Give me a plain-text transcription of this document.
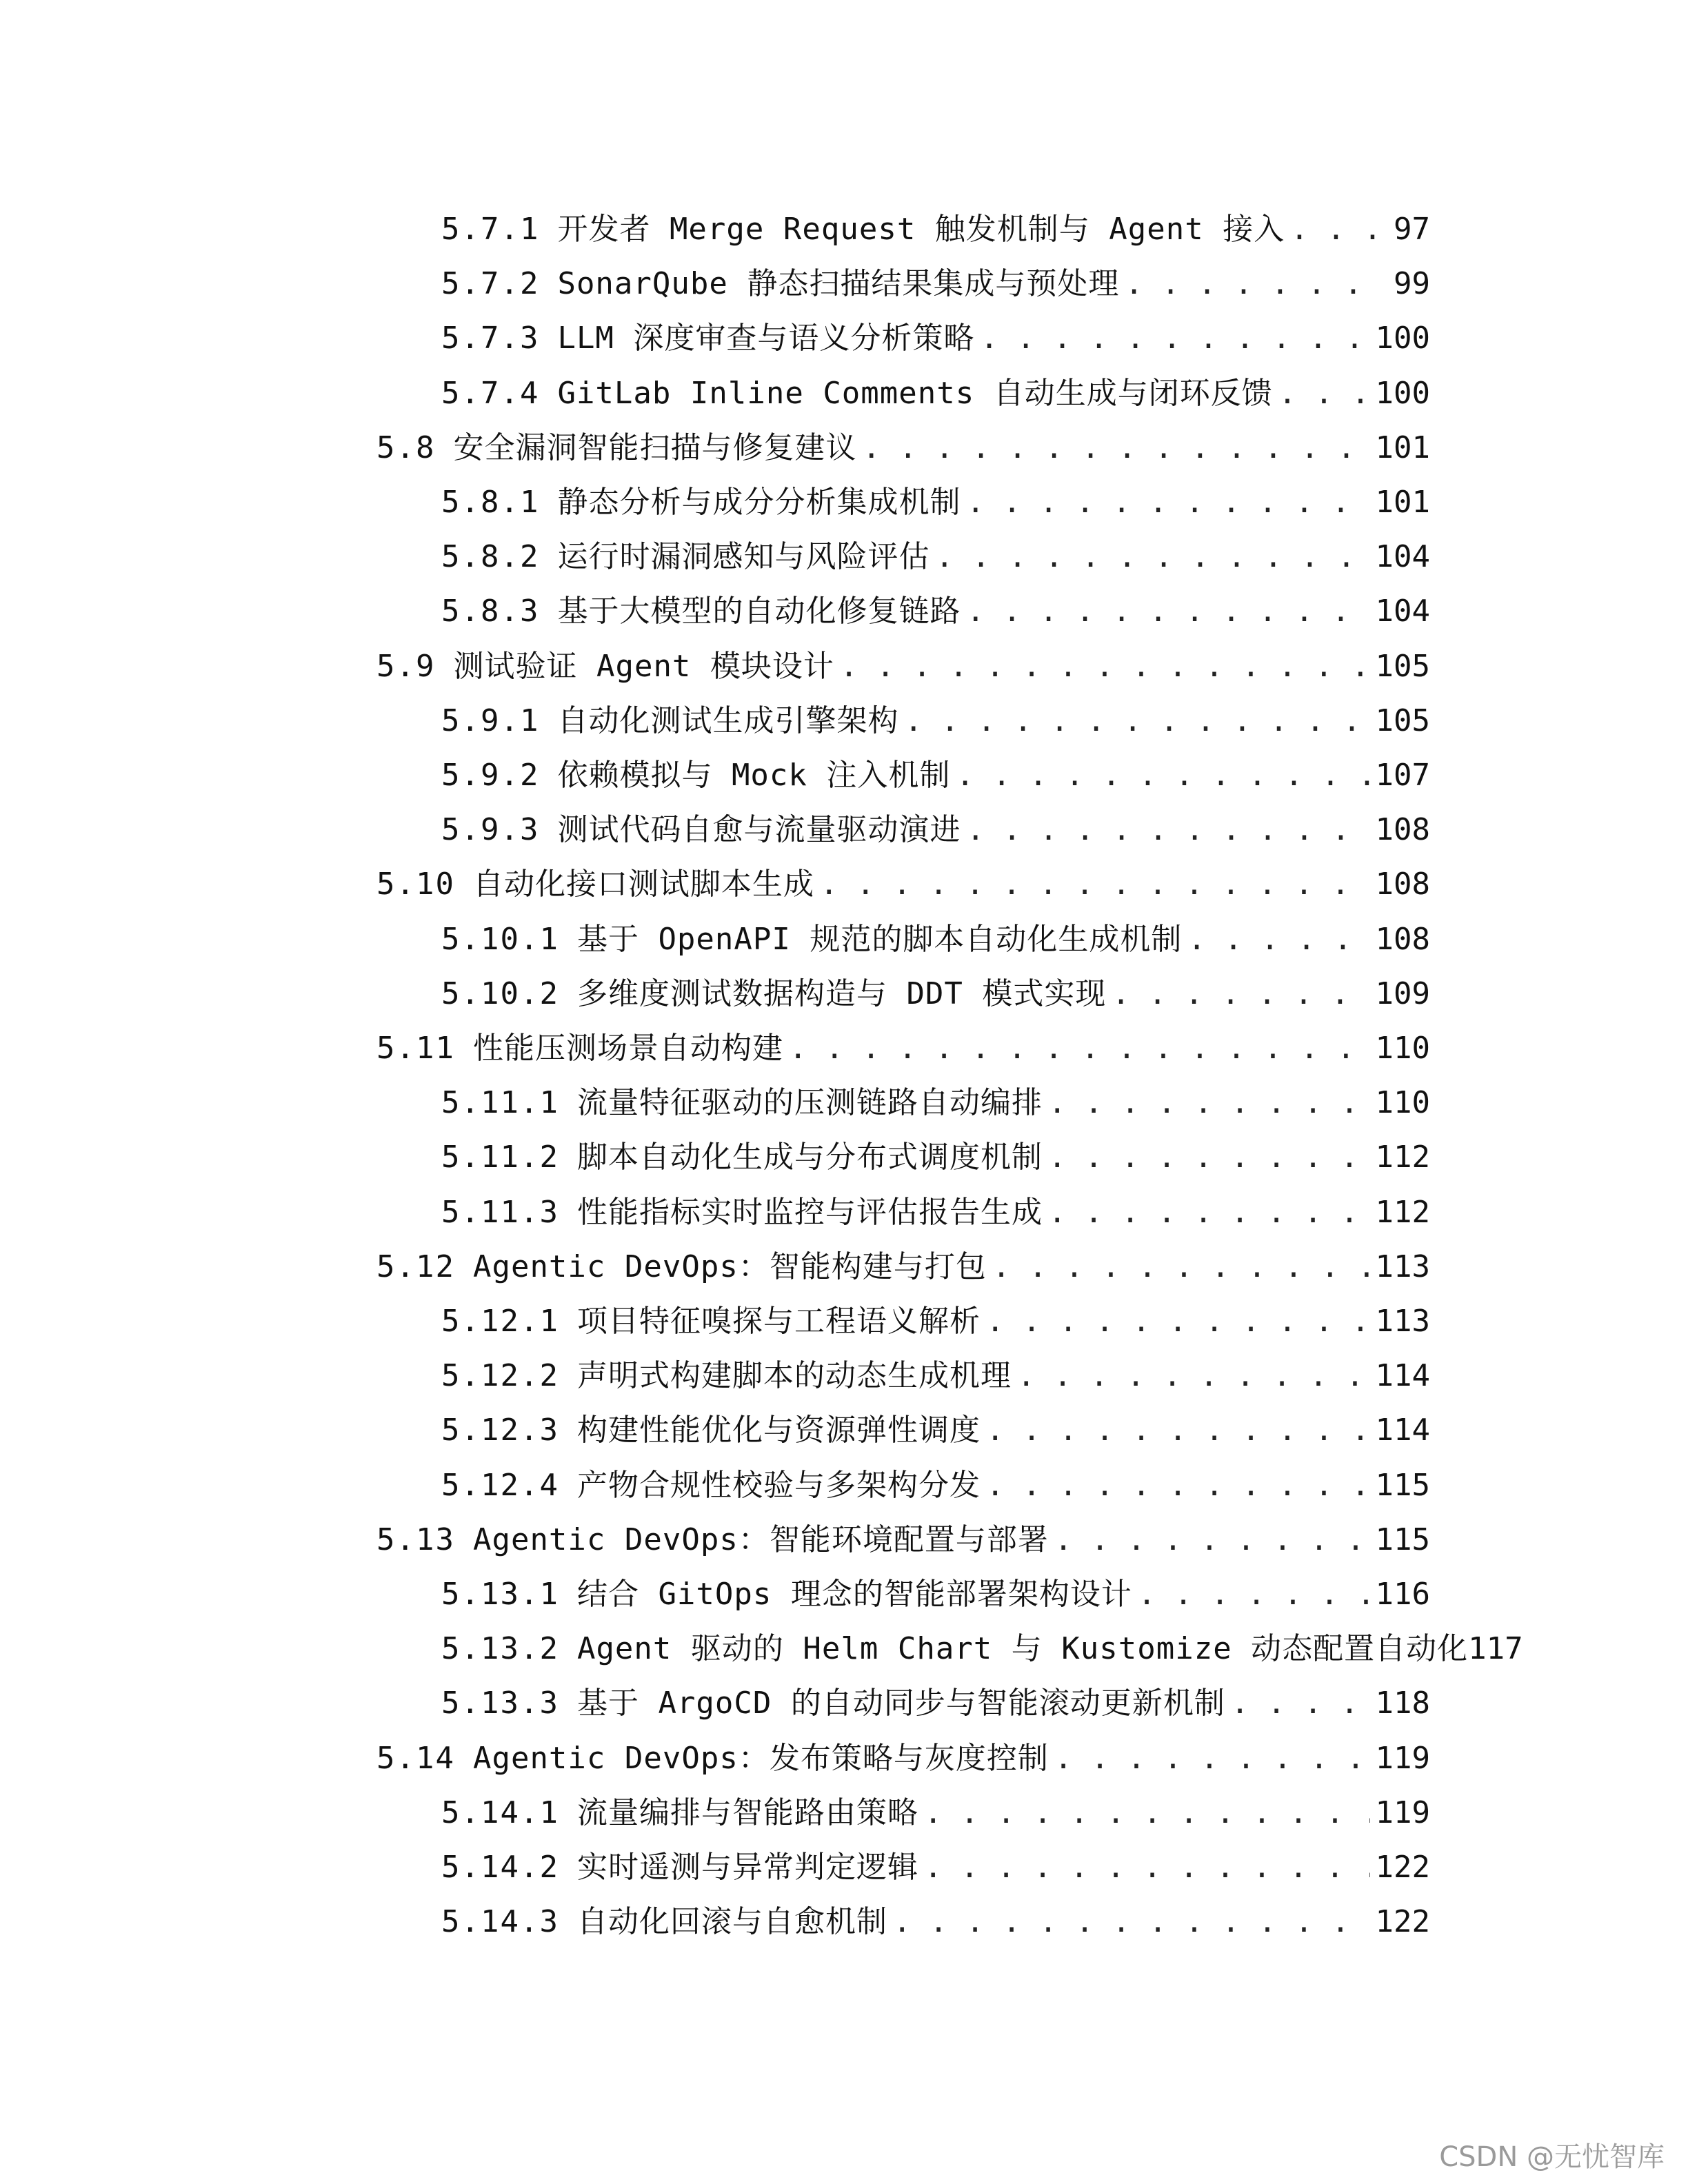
5.7.1 开发者 Merge Request 触发机制与 Agent 接入 . . .	97
5.7.2 SonarQube 静态扫描结果集成与预处理 . . .	99
5.7.3 LLM 深度审查与语义分析策略 . . .	100
5.7.4 GitLab Inline Comments 自动生成与闭环反馈 . . .	100
5.8 安全漏洞智能扫描与修复建议 . . .	101
5.8.1 静态分析与成分分析集成机制 . . .	101
5.8.2 运行时漏洞感知与风险评估 . . .	104
5.8.3 基于大模型的自动化修复链路 . . .	104
5.9 测试验证 Agent 模块设计 . . .	105
5.9.1 自动化测试生成引擎架构 . . .	105
5.9.2 依赖模拟与 Mock 注入机制 . . .	107
5.9.3 测试代码自愈与流量驱动演进 . . .	108
5.10 自动化接口测试脚本生成 . . .	108
5.10.1 基于 OpenAPI 规范的脚本自动化生成机制 . . .	108
5.10.2 多维度测试数据构造与 DDT 模式实现 . . .	109
5.11 性能压测场景自动构建 . . .	110
5.11.1 流量特征驱动的压测链路自动编排 . . .	110
5.11.2 脚本自动化生成与分布式调度机制 . . .	112
5.11.3 性能指标实时监控与评估报告生成 . . .	112
5.12 Agentic DevOps：智能构建与打包 . . .	113
5.12.1 项目特征嗅探与工程语义解析 . . .	113
5.12.2 声明式构建脚本的动态生成机理 . . .	114
5.12.3 构建性能优化与资源弹性调度 . . .	114
5.12.4 产物合规性校验与多架构分发 . . .	115
5.13 Agentic DevOps：智能环境配置与部署 . . .	115
5.13.1 结合 GitOps 理念的智能部署架构设计 . . .	116
5.13.2 Agent 驱动的 Helm Chart 与 Kustomize 动态配置自动化 117
5.13.3 基于 ArgoCD 的自动同步与智能滚动更新机制 . . .	118
5.14 Agentic DevOps：发布策略与灰度控制 . . .	119
5.14.1 流量编排与智能路由策略 . . .	119
5.14.2 实时遥测与异常判定逻辑 . . .	122
5.14.3 自动化回滚与自愈机制 . . .	122
CSDN @无忧智库
